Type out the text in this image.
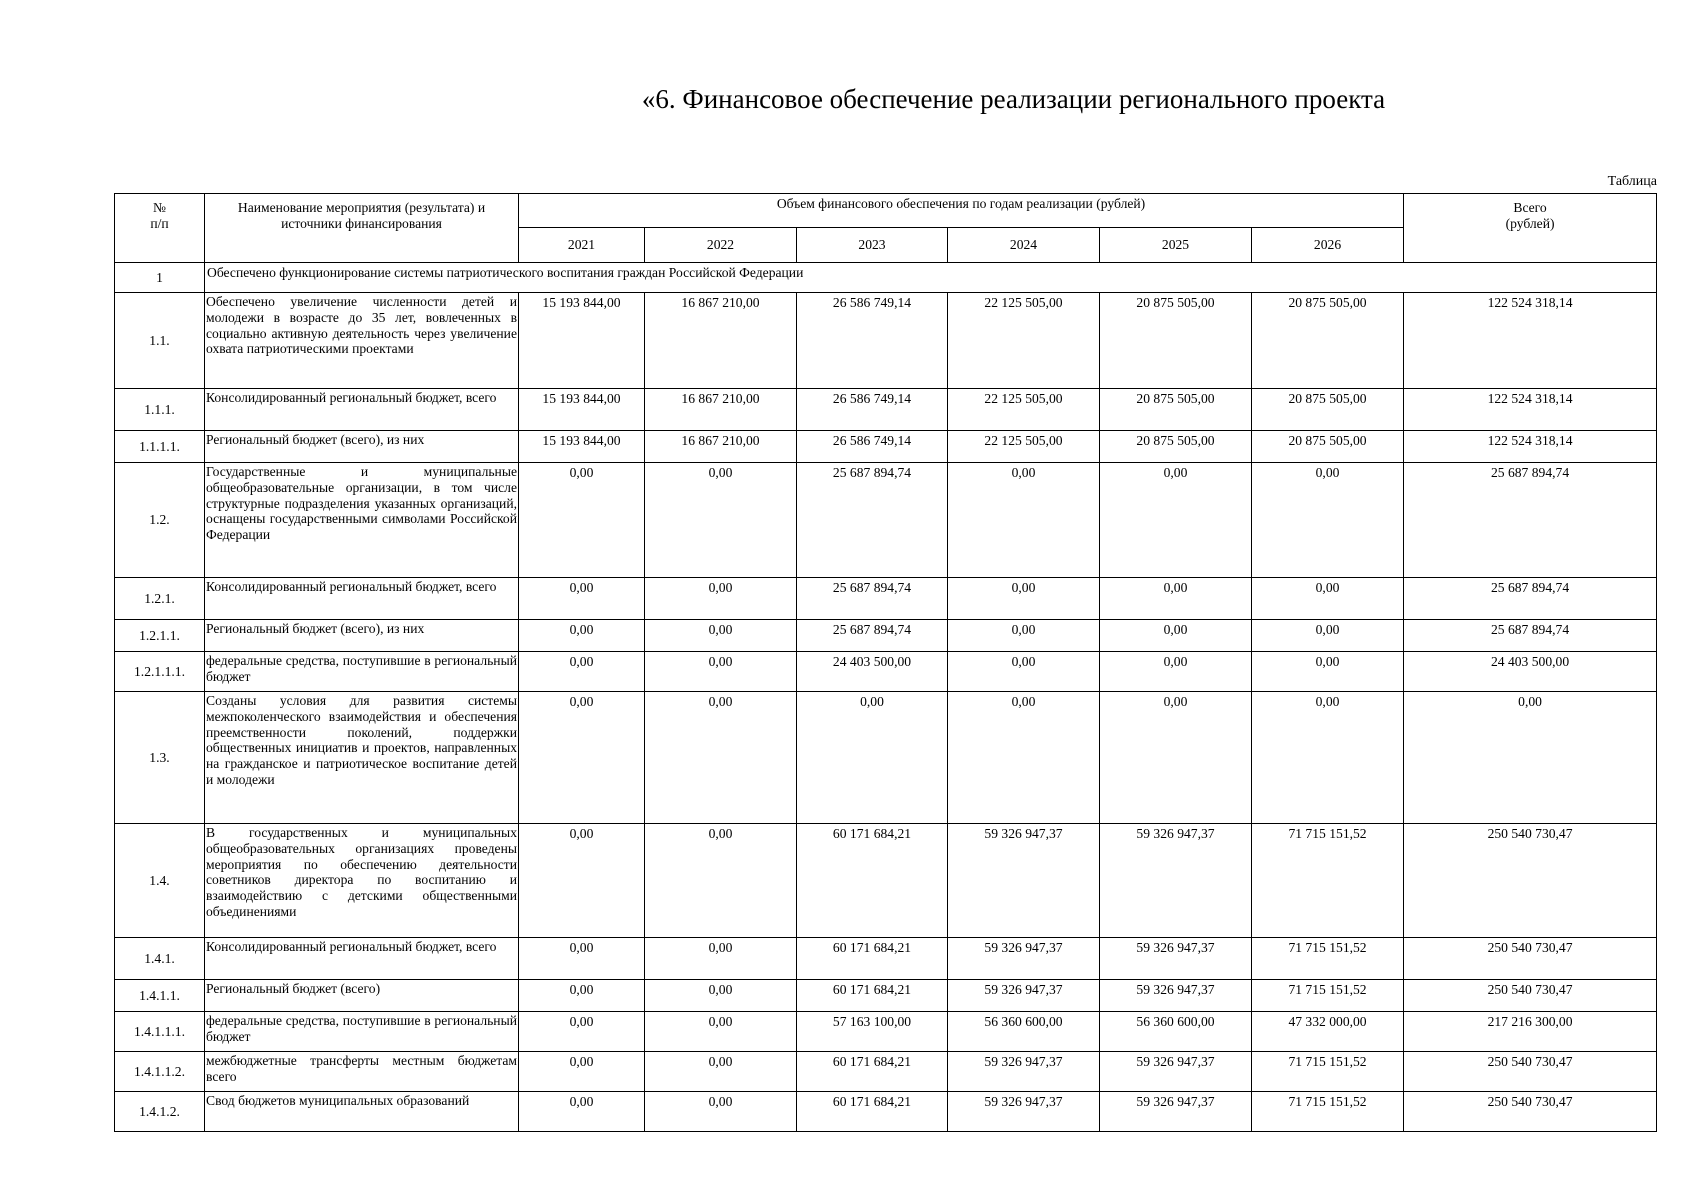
«6. Финансовое обеспечение реализации регионального проекта
Таблица
№
п/п	Наименование мероприятия (результата) и источники финансирования	Объем финансового обеспечения по годам реализации (рублей)						Всего
(рублей)
		2021	2022	2023	2024	2025	2026	
1	Обеспечено функционирование системы патриотического воспитания граждан Российской Федерации							
1.1.	Обеспечено увеличение численности детей и молодежи в возрасте до 35 лет, вовлеченных в социально активную деятельность через увеличение охвата патриотическими проектами	15 193 844,00	16 867 210,00	26 586 749,14	22 125 505,00	20 875 505,00	20 875 505,00	122 524 318,14
1.1.1.	Консолидированный региональный бюджет, всего	15 193 844,00	16 867 210,00	26 586 749,14	22 125 505,00	20 875 505,00	20 875 505,00	122 524 318,14
1.1.1.1.	Региональный бюджет (всего), из них	15 193 844,00	16 867 210,00	26 586 749,14	22 125 505,00	20 875 505,00	20 875 505,00	122 524 318,14
1.2.	Государственные и муниципальные общеобразовательные организации, в том числе структурные подразделения указанных организаций, оснащены государственными символами Российской Федерации	0,00	0,00	25 687 894,74	0,00	0,00	0,00	25 687 894,74
1.2.1.	Консолидированный региональный бюджет, всего	0,00	0,00	25 687 894,74	0,00	0,00	0,00	25 687 894,74
1.2.1.1.	Региональный бюджет (всего), из них	0,00	0,00	25 687 894,74	0,00	0,00	0,00	25 687 894,74
1.2.1.1.1.	федеральные средства, поступившие в региональный бюджет	0,00	0,00	24 403 500,00	0,00	0,00	0,00	24 403 500,00
1.3.	Созданы условия для развития системы межпоколенческого взаимодействия и обеспечения преемственности поколений, поддержки общественных инициатив и проектов, направленных на гражданское и патриотическое воспитание детей и молодежи	0,00	0,00	0,00	0,00	0,00	0,00	0,00
1.4.	В государственных и муниципальных общеобразовательных организациях проведены мероприятия по обеспечению деятельности советников директора по воспитанию и взаимодействию с детскими общественными объединениями	0,00	0,00	60 171 684,21	59 326 947,37	59 326 947,37	71 715 151,52	250 540 730,47
1.4.1.	Консолидированный региональный бюджет, всего	0,00	0,00	60 171 684,21	59 326 947,37	59 326 947,37	71 715 151,52	250 540 730,47
1.4.1.1.	Региональный бюджет (всего)	0,00	0,00	60 171 684,21	59 326 947,37	59 326 947,37	71 715 151,52	250 540 730,47
1.4.1.1.1.	федеральные средства, поступившие в региональный бюджет	0,00	0,00	57 163 100,00	56 360 600,00	56 360 600,00	47 332 000,00	217 216 300,00
1.4.1.1.2.	межбюджетные трансферты местным бюджетам всего	0,00	0,00	60 171 684,21	59 326 947,37	59 326 947,37	71 715 151,52	250 540 730,47
1.4.1.2.	Свод бюджетов муниципальных образований	0,00	0,00	60 171 684,21	59 326 947,37	59 326 947,37	71 715 151,52	250 540 730,47
